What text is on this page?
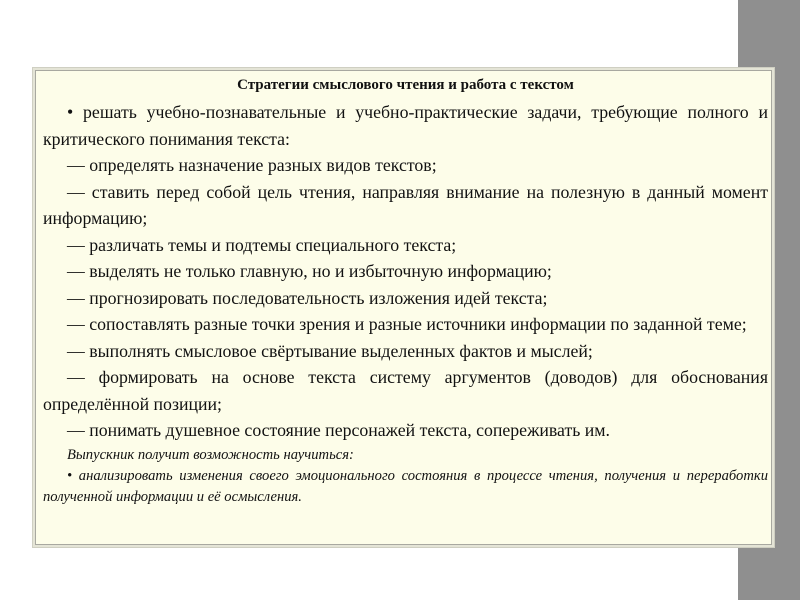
Стратегии смыслового чтения и работа с текстом

• решать учебно-познавательные и учебно-практические задачи, требующие полного и критического понимания текста:

— определять назначение разных видов текстов;

— ставить перед собой цель чтения, направляя внимание на полезную в данный момент информацию;

— различать темы и подтемы специального текста;

— выделять не только главную, но и избыточную информацию;

— прогнозировать последовательность изложения идей текста;

— сопоставлять разные точки зрения и разные источники информации по заданной теме;

— выполнять смысловое свёртывание выделенных фактов и мыслей;

— формировать на основе текста систему аргументов (доводов) для обоснования определённой позиции;

— понимать душевное состояние персонажей текста, сопереживать им.

Выпускник получит возможность научиться:

• анализировать изменения своего эмоционального состояния в процессе чтения, получения и переработки полученной информации и её осмысления.
